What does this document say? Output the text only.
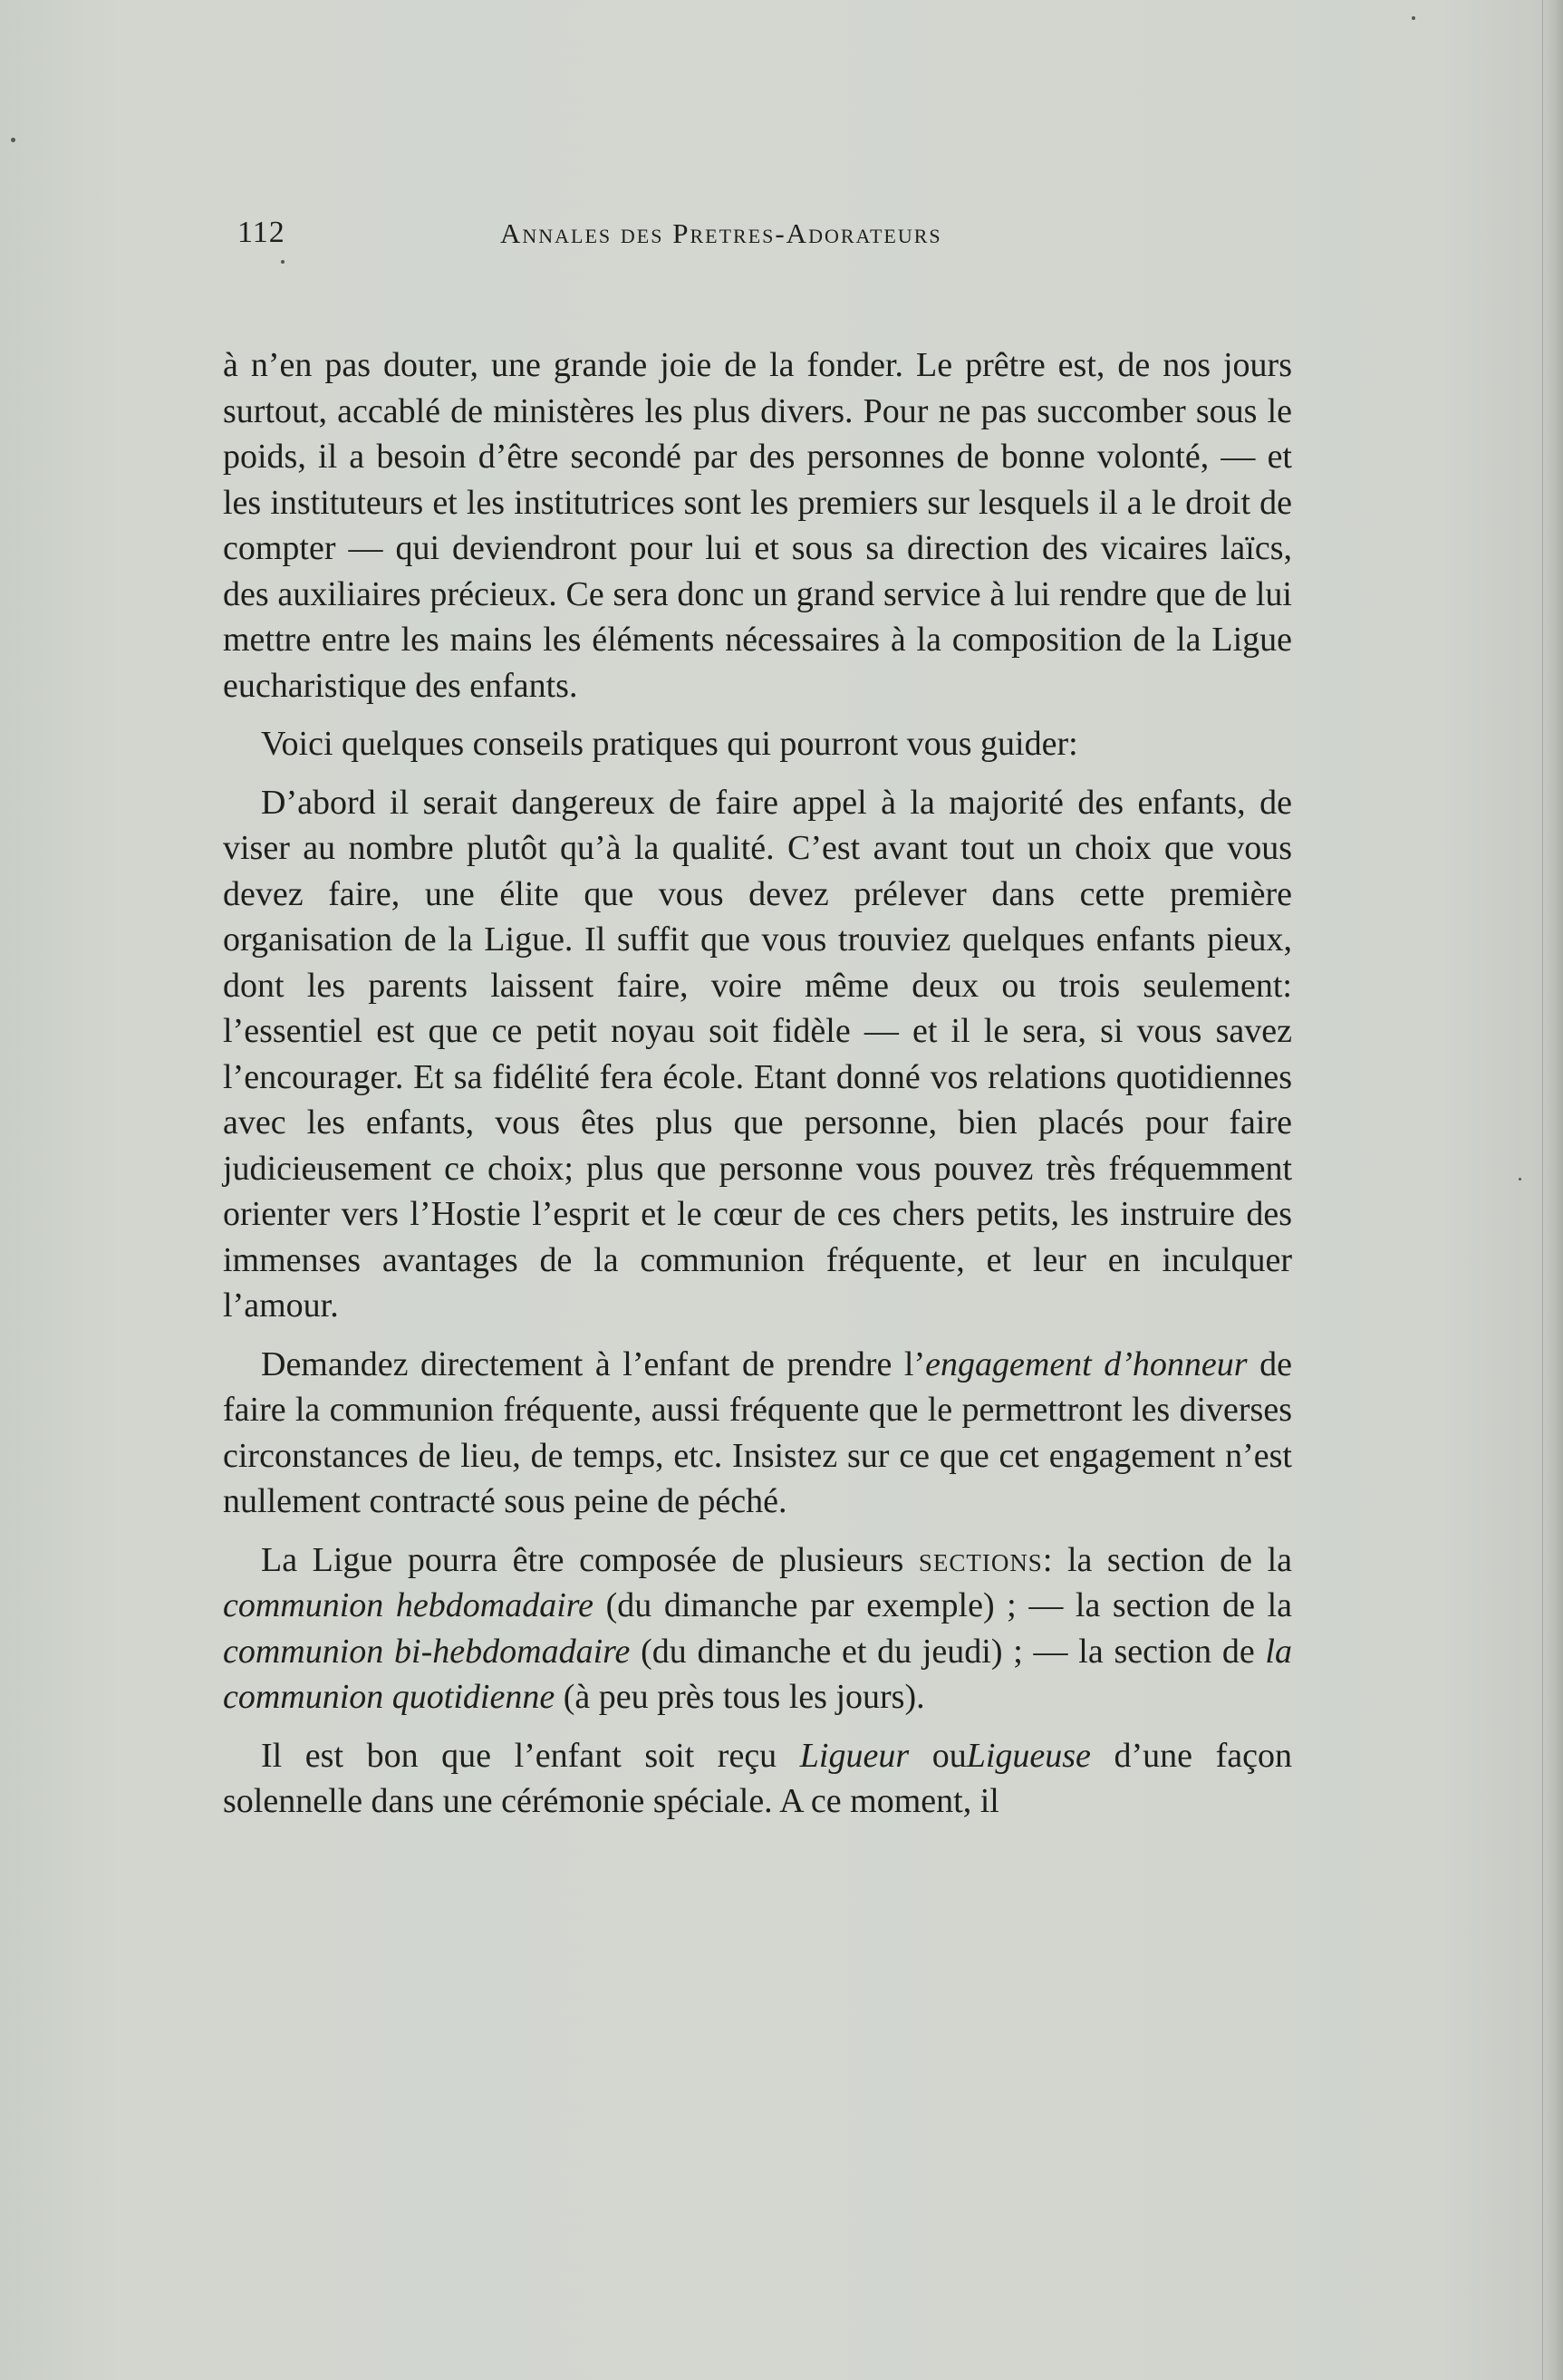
112	Annales des Pretres-Adorateurs

à n’en pas douter, une grande joie de la fonder. Le prêtre est, de nos jours surtout, accablé de ministères les plus divers. Pour ne pas succomber sous le poids, il a besoin d’être secondé par des personnes de bonne volonté, — et les instituteurs et les institutrices sont les premiers sur lesquels il a le droit de compter — qui deviendront pour lui et sous sa direction des vicaires laïcs, des auxiliaires précieux. Ce sera donc un grand service à lui rendre que de lui mettre entre les mains les éléments nécessaires à la composition de la Ligue eucharistique des enfants.

Voici quelques conseils pratiques qui pourront vous guider:

D’abord il serait dangereux de faire appel à la majorité des enfants, de viser au nombre plutôt qu’à la qualité. C’est avant tout un choix que vous devez faire, une élite que vous devez prélever dans cette première organisation de la Ligue. Il suffit que vous trouviez quelques enfants pieux, dont les parents laissent faire, voire même deux ou trois seulement: l’essentiel est que ce petit noyau soit fidèle — et il le sera, si vous savez l’encourager. Et sa fidélité fera école. Etant donné vos relations quotidiennes avec les enfants, vous êtes plus que personne, bien placés pour faire judicieusement ce choix; plus que personne vous pouvez très fréquemment orienter vers l’Hostie l’esprit et le cœur de ces chers petits, les instruire des immenses avantages de la communion fréquente, et leur en inculquer l’amour.

Demandez directement à l’enfant de prendre l’engagement d’honneur de faire la communion fréquente, aussi fréquente que le permettront les diverses circonstances de lieu, de temps, etc. Insistez sur ce que cet engagement n’est nullement contracté sous peine de péché.

La Ligue pourra être composée de plusieurs sections: la section de la communion hebdomadaire (du dimanche par exemple) ; — la section de la communion bi-hebdomadaire (du dimanche et du jeudi) ; — la section de la communion quotidienne (à peu près tous les jours).

Il est bon que l’enfant soit reçu Ligueur ouLigueuse d’une façon solennelle dans une cérémonie spéciale. A ce moment, il
